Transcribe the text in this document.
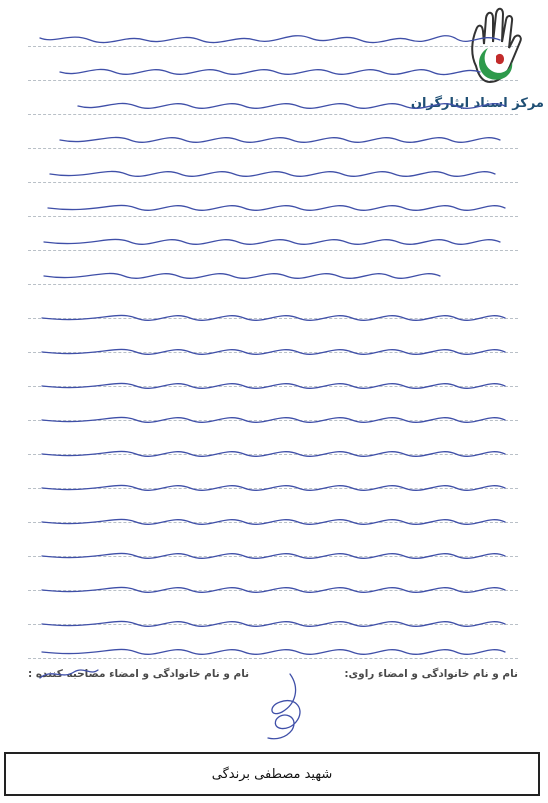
مرکز اسناد ایثارگران
نام و نام خانوادگی و امضاء راوی:
نام و نام خانوادگی و امضاء مصاحبه کننده :
شهید مصطفی برندگی
